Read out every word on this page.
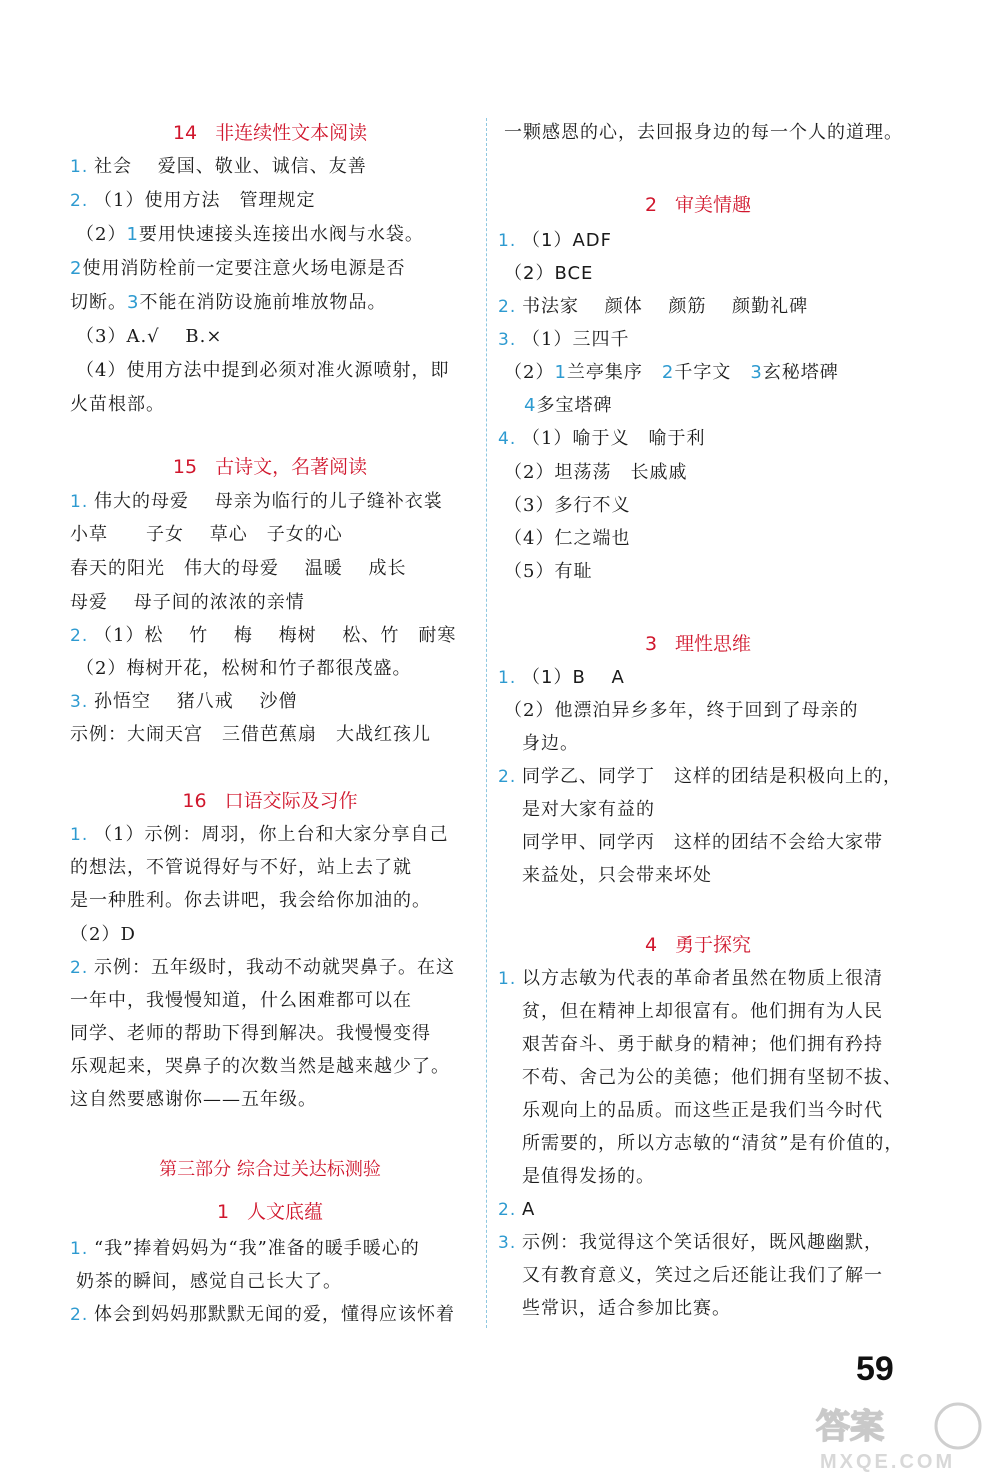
14 非连续性文本阅读
1. 社会　 爱国、敬业、诚信、友善
2. （1）使用方法　管理规定
（2）1要用快速接头连接出水阀与水袋。
2使用消防栓前一定要注意火场电源是否
切断。3不能在消防设施前堆放物品。
（3）A.√　 B.×
（4）使用方法中提到必须对准火源喷射，即
火苗根部。
15 古诗文，名著阅读
1. 伟大的母爱　 母亲为临行的儿子缝补衣裳
小草　　子女　 草心　子女的心
春天的阳光　伟大的母爱　 温暖　 成长
母爱　 母子间的浓浓的亲情
2. （1）松　 竹　 梅　 梅树　 松、竹　耐寒
（2）梅树开花，松树和竹子都很茂盛。
3. 孙悟空　 猪八戒　 沙僧
示例：大闹天宫　三借芭蕉扇　大战红孩儿
16 口语交际及习作
1. （1）示例：周羽，你上台和大家分享自己
的想法，不管说得好与不好，站上去了就
是一种胜利。你去讲吧，我会给你加油的。
（2）D
2. 示例：五年级时，我动不动就哭鼻子。在这
一年中，我慢慢知道，什么困难都可以在
同学、老师的帮助下得到解决。我慢慢变得
乐观起来，哭鼻子的次数当然是越来越少了。
这自然要感谢你——五年级。
第三部分 综合过关达标测验
1 人文底蕴
1. “我”捧着妈妈为“我”准备的暖手暖心的
奶茶的瞬间，感觉自己长大了。
2. 体会到妈妈那默默无闻的爱，懂得应该怀着
一颗感恩的心，去回报身边的每一个人的道理。
2 审美情趣
1. （1）ADF
（2）BCE
2. 书法家　 颜体　 颜筋　 颜勤礼碑
3. （1）三四千
（2）1兰亭集序　2千字文　3玄秘塔碑
4多宝塔碑
4. （1）喻于义　喻于利
（2）坦荡荡　长戚戚
（3）多行不义
（4）仁之端也
（5）有耻
3 理性思维
1. （1）B　 A
（2）他漂泊异乡多年，终于回到了母亲的
身边。
2. 同学乙、同学丁　这样的团结是积极向上的，
是对大家有益的
同学甲、同学丙　这样的团结不会给大家带
来益处，只会带来坏处
4 勇于探究
1. 以方志敏为代表的革命者虽然在物质上很清
贫，但在精神上却很富有。他们拥有为人民
艰苦奋斗、勇于献身的精神；他们拥有矜持
不苟、舍己为公的美德；他们拥有坚韧不拔、
乐观向上的品质。而这些正是我们当今时代
所需要的，所以方志敏的“清贫”是有价值的，
是值得发扬的。
2. A
3. 示例：我觉得这个笑话很好，既风趣幽默，
又有教育意义，笑过之后还能让我们了解一
些常识，适合参加比赛。
59
答案
MXQE.COM
